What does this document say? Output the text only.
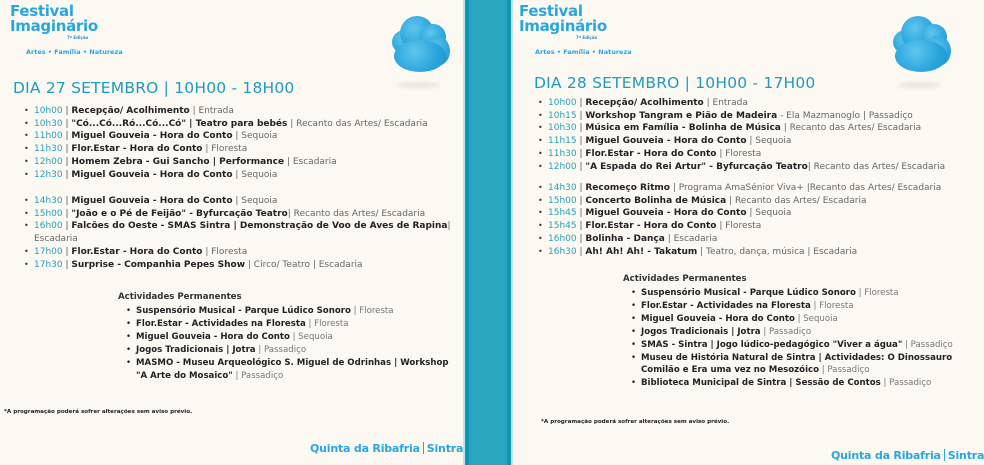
Festival
Imaginário
7ª Edição
Artes • Família • Natureza
DIA 27 SETEMBRO | 10H00 - 18H00
• 10h00 | Recepção/ Acolhimento | Entrada
• 10h30 | "Có...Có...Ró...Có...Có" | Teatro para bebés | Recanto das Artes/ Escadaria
• 11h00 | Miguel Gouveia - Hora do Conto | Sequoia
• 11h30 | Flor.Estar - Hora do Conto | Floresta
• 12h00 | Homem Zebra - Gui Sancho | Performance | Escadaria
• 12h30 | Miguel Gouveia - Hora do Conto | Sequoia
• 14h30 | Miguel Gouveia - Hora do Conto | Sequoia
• 15h00 | "João e o Pé de Feijão" - Byfurcação Teatro| Recanto das Artes/ Escadaria
• 16h00 | Falcões do Oeste - SMAS Sintra | Demonstração de Voo de Aves de Rapina| Escadaria
• 17h00 | Flor.Estar - Hora do Conto | Floresta
• 17h30 | Surprise - Companhia Pepes Show | Circo/ Teatro | Escadaria
Actividades Permanentes
• Suspensório Musical - Parque Lúdico Sonoro | Floresta
• Flor.Estar - Actividades na Floresta | Floresta
• Miguel Gouveia - Hora do Conto | Sequoia
• Jogos Tradicionais | Jotra | Passadiço
• MASMO - Museu Arqueológico S. Miguel de Odrinhas | Workshop
"A Arte do Mosaico" | Passadiço
*A programação poderá sofrer alterações sem aviso prévio.
Quinta da Ribafria Sintra
Festival
Imaginário
7ª Edição
Artes • Família • Natureza
DIA 28 SETEMBRO | 10H00 - 17H00
• 10h00 | Recepção/ Acolhimento | Entrada
• 10h15 | Workshop Tangram e Pião de Madeira - Ela Mazmanoglo | Passadiço
• 10h30 | Música em Família - Bolinha de Música | Recanto das Artes/ Escadaria
• 11h15 | Miguel Gouveia - Hora do Conto | Sequoia
• 11h30 | Flor.Estar - Hora do Conto | Floresta
• 12h00 | "A Espada do Rei Artur" - Byfurcação Teatro| Recanto das Artes/ Escadaria
• 14h30 | Recomeço Ritmo | Programa AmaSénior Viva+ |Recanto das Artes/ Escadaria
• 15h00 | Concerto Bolinha de Música | Recanto das Artes/ Escadaria
• 15h45 | Miguel Gouveia - Hora do Conto | Sequoia
• 15h45 | Flor.Estar - Hora do Conto | Floresta
• 16h00 | Bolinha - Dança | Escadaria
• 16h30 | Ah! Ah! Ah! - Takatum | Teatro, dança, música | Escadaria
Actividades Permanentes
• Suspensório Musical - Parque Lúdico Sonoro | Floresta
• Flor.Estar - Actividades na Floresta | Floresta
• Miguel Gouveia - Hora do Conto | Sequoia
• Jogos Tradicionais | Jotra | Passadiço
• SMAS - Sintra | Jogo lúdico-pedagógico "Viver a água" | Passadiço
• Museu de História Natural de Sintra | Actividades: O Dinossauro
Comilão e Era uma vez no Mesozóico | Passadiço
• Biblioteca Municipal de Sintra | Sessão de Contos | Passadiço
*A programação poderá sofrer alterações sem aviso prévio.
Quinta da Ribafria Sintra
